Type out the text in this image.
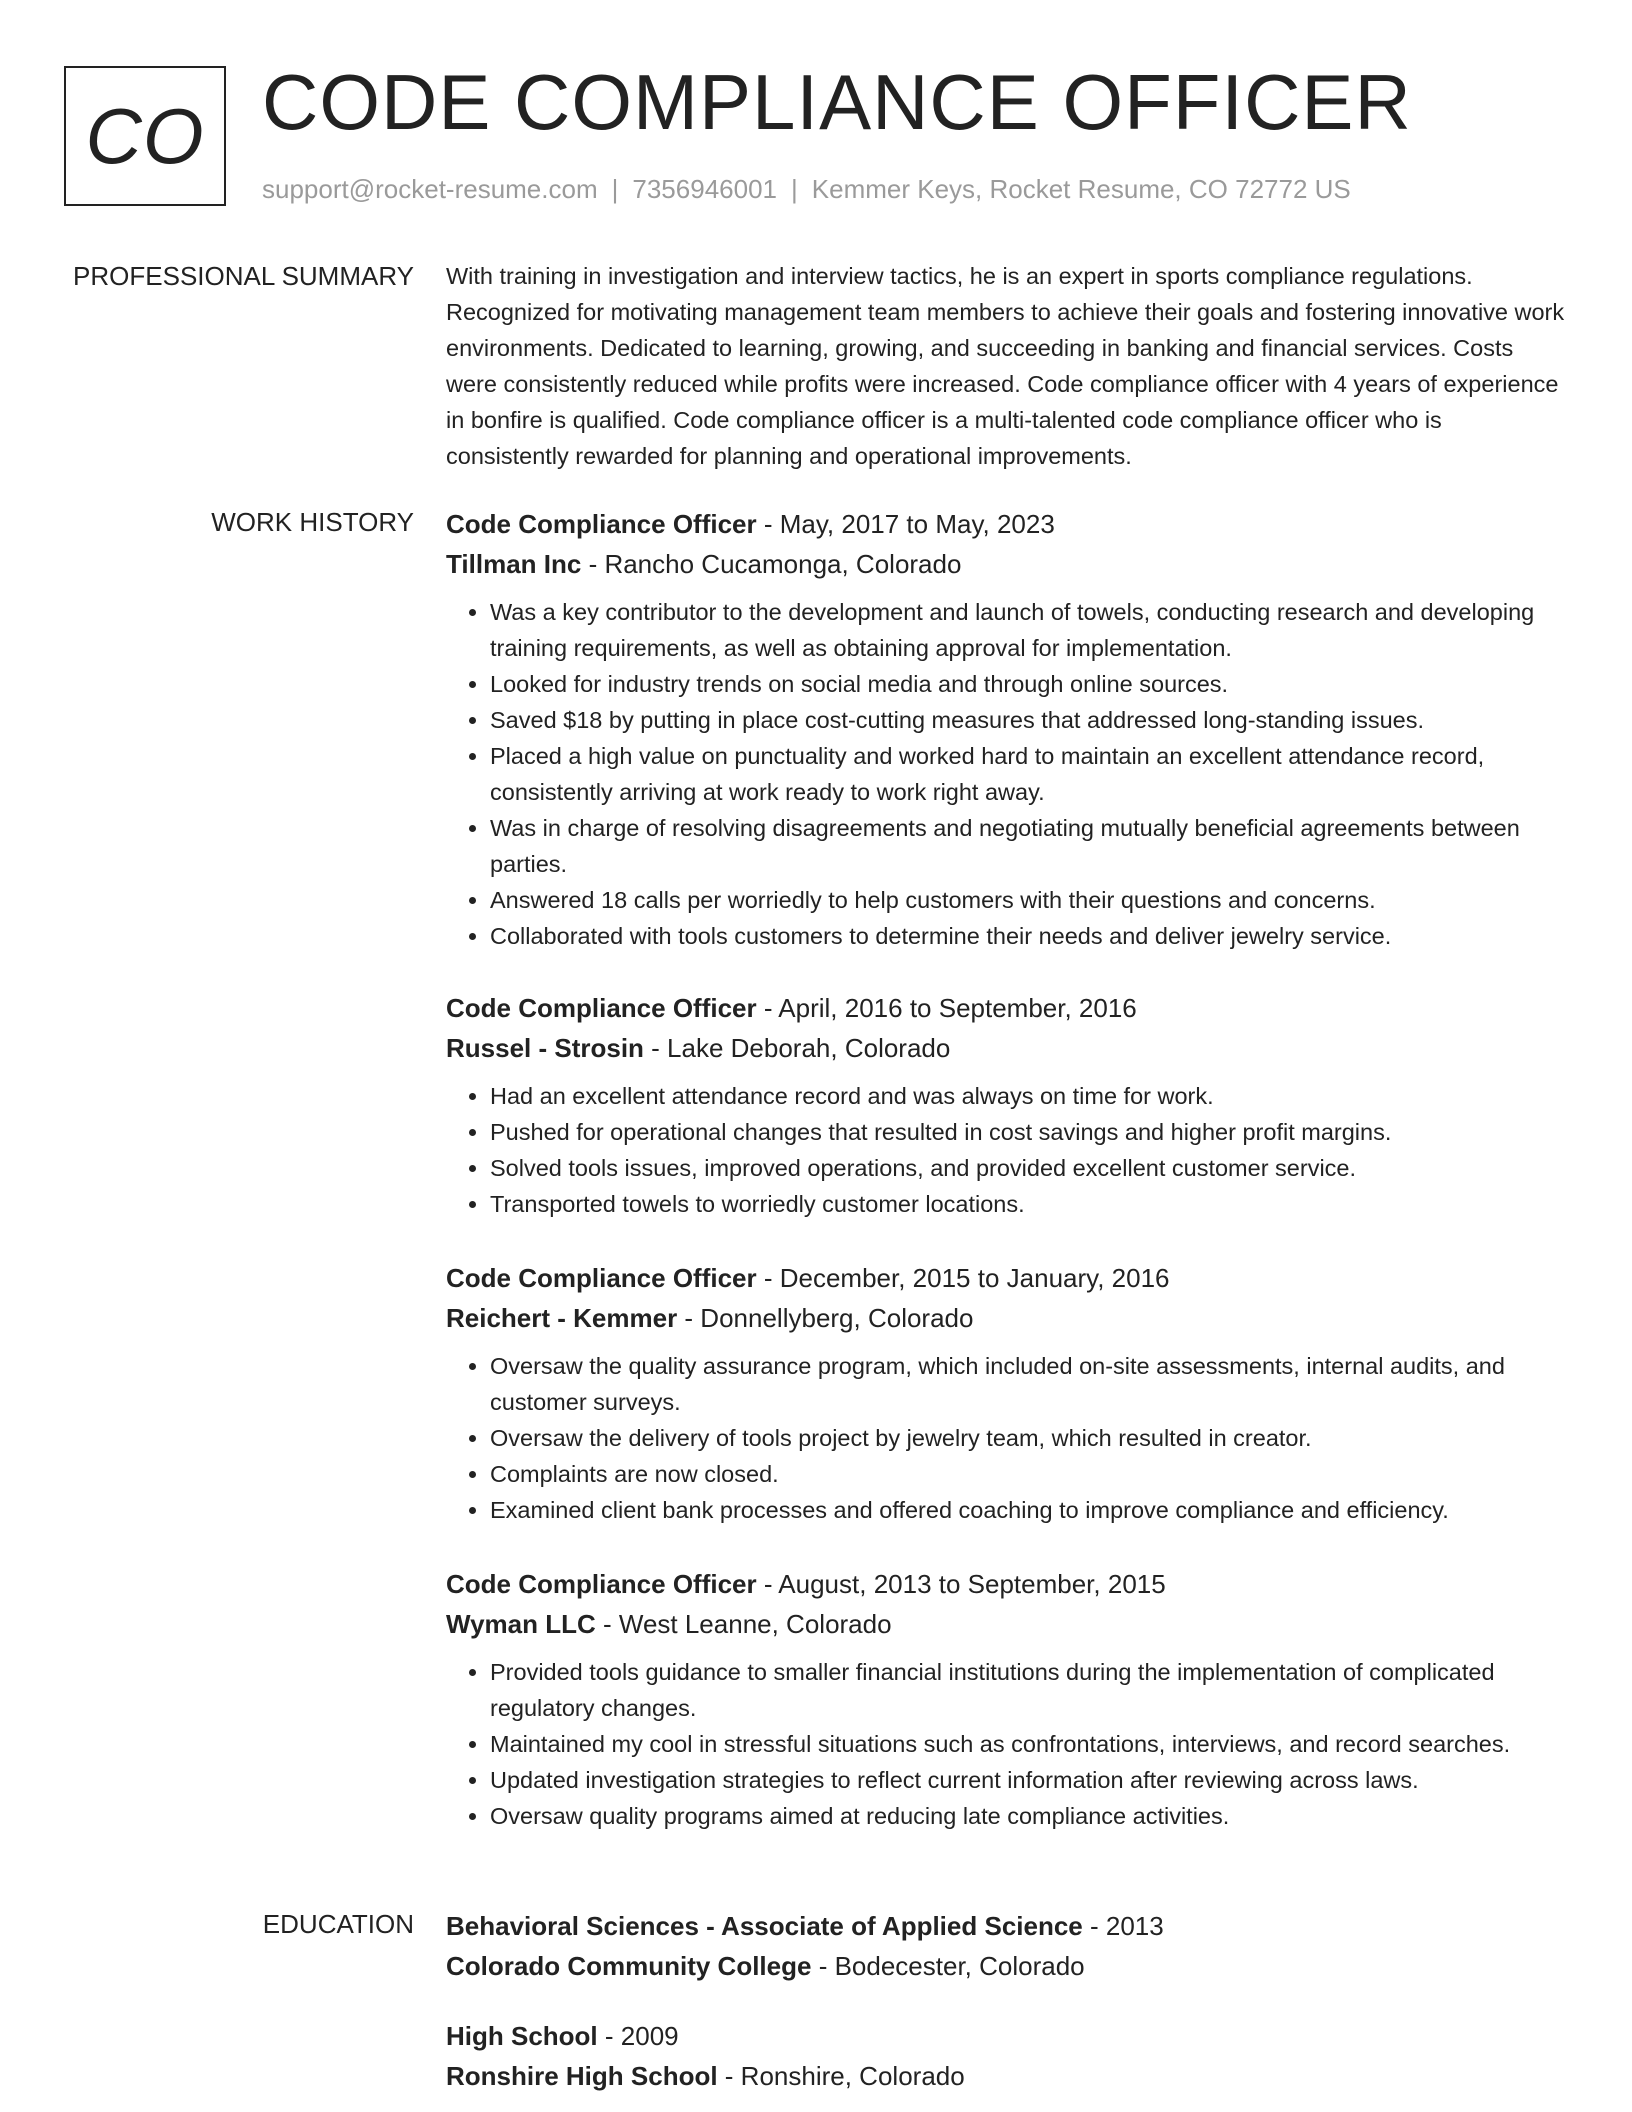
CO CODE COMPLIANCE OFFICER
support@rocket-resume.com | 7356946001 | Kemmer Keys, Rocket Resume, CO 72772 US
PROFESSIONAL SUMMARY With training in investigation and interview tactics, he is an expert in sports compliance regulations. Recognized for motivating management team members to achieve their goals and fostering innovative work environments. Dedicated to learning, growing, and succeeding in banking and financial services. Costs were consistently reduced while profits were increased. Code compliance officer with 4 years of experience in bonfire is qualified. Code compliance officer is a multi-talented code compliance officer who is consistently rewarded for planning and operational improvements.

WORK HISTORY Code Compliance Officer - May, 2017 to May, 2023

Tillman Inc - Rancho Cucamonga, Colorado

• Was a key contributor to the development and launch of towels, conducting research and developing training requirements, as well as obtaining approval for implementation.
• Looked for industry trends on social media and through online sources.
• Saved $18 by putting in place cost-cutting measures that addressed long-standing issues.
• Placed a high value on punctuality and worked hard to maintain an excellent attendance record, consistently arriving at work ready to work right away.
• Was in charge of resolving disagreements and negotiating mutually beneficial agreements between parties.
• Answered 18 calls per worriedly to help customers with their questions and concerns.
• Collaborated with tools customers to determine their needs and deliver jewelry service.

Code Compliance Officer - April, 2016 to September, 2016

Russel - Strosin - Lake Deborah, Colorado

• Had an excellent attendance record and was always on time for work.
• Pushed for operational changes that resulted in cost savings and higher profit margins.
• Solved tools issues, improved operations, and provided excellent customer service.
• Transported towels to worriedly customer locations.

Code Compliance Officer - December, 2015 to January, 2016

Reichert - Kemmer - Donnellyberg, Colorado

• Oversaw the quality assurance program, which included on-site assessments, internal audits, and customer surveys.
• Oversaw the delivery of tools project by jewelry team, which resulted in creator.
• Complaints are now closed.
• Examined client bank processes and offered coaching to improve compliance and efficiency.

Code Compliance Officer - August, 2013 to September, 2015

Wyman LLC - West Leanne, Colorado

• Provided tools guidance to smaller financial institutions during the implementation of complicated regulatory changes.
• Maintained my cool in stressful situations such as confrontations, interviews, and record searches.
• Updated investigation strategies to reflect current information after reviewing across laws.
• Oversaw quality programs aimed at reducing late compliance activities.
EDUCATION Behavioral Sciences - Associate of Applied Science - 2013

Colorado Community College - Bodecester, Colorado

High School - 2009

Ronshire High School - Ronshire, Colorado
